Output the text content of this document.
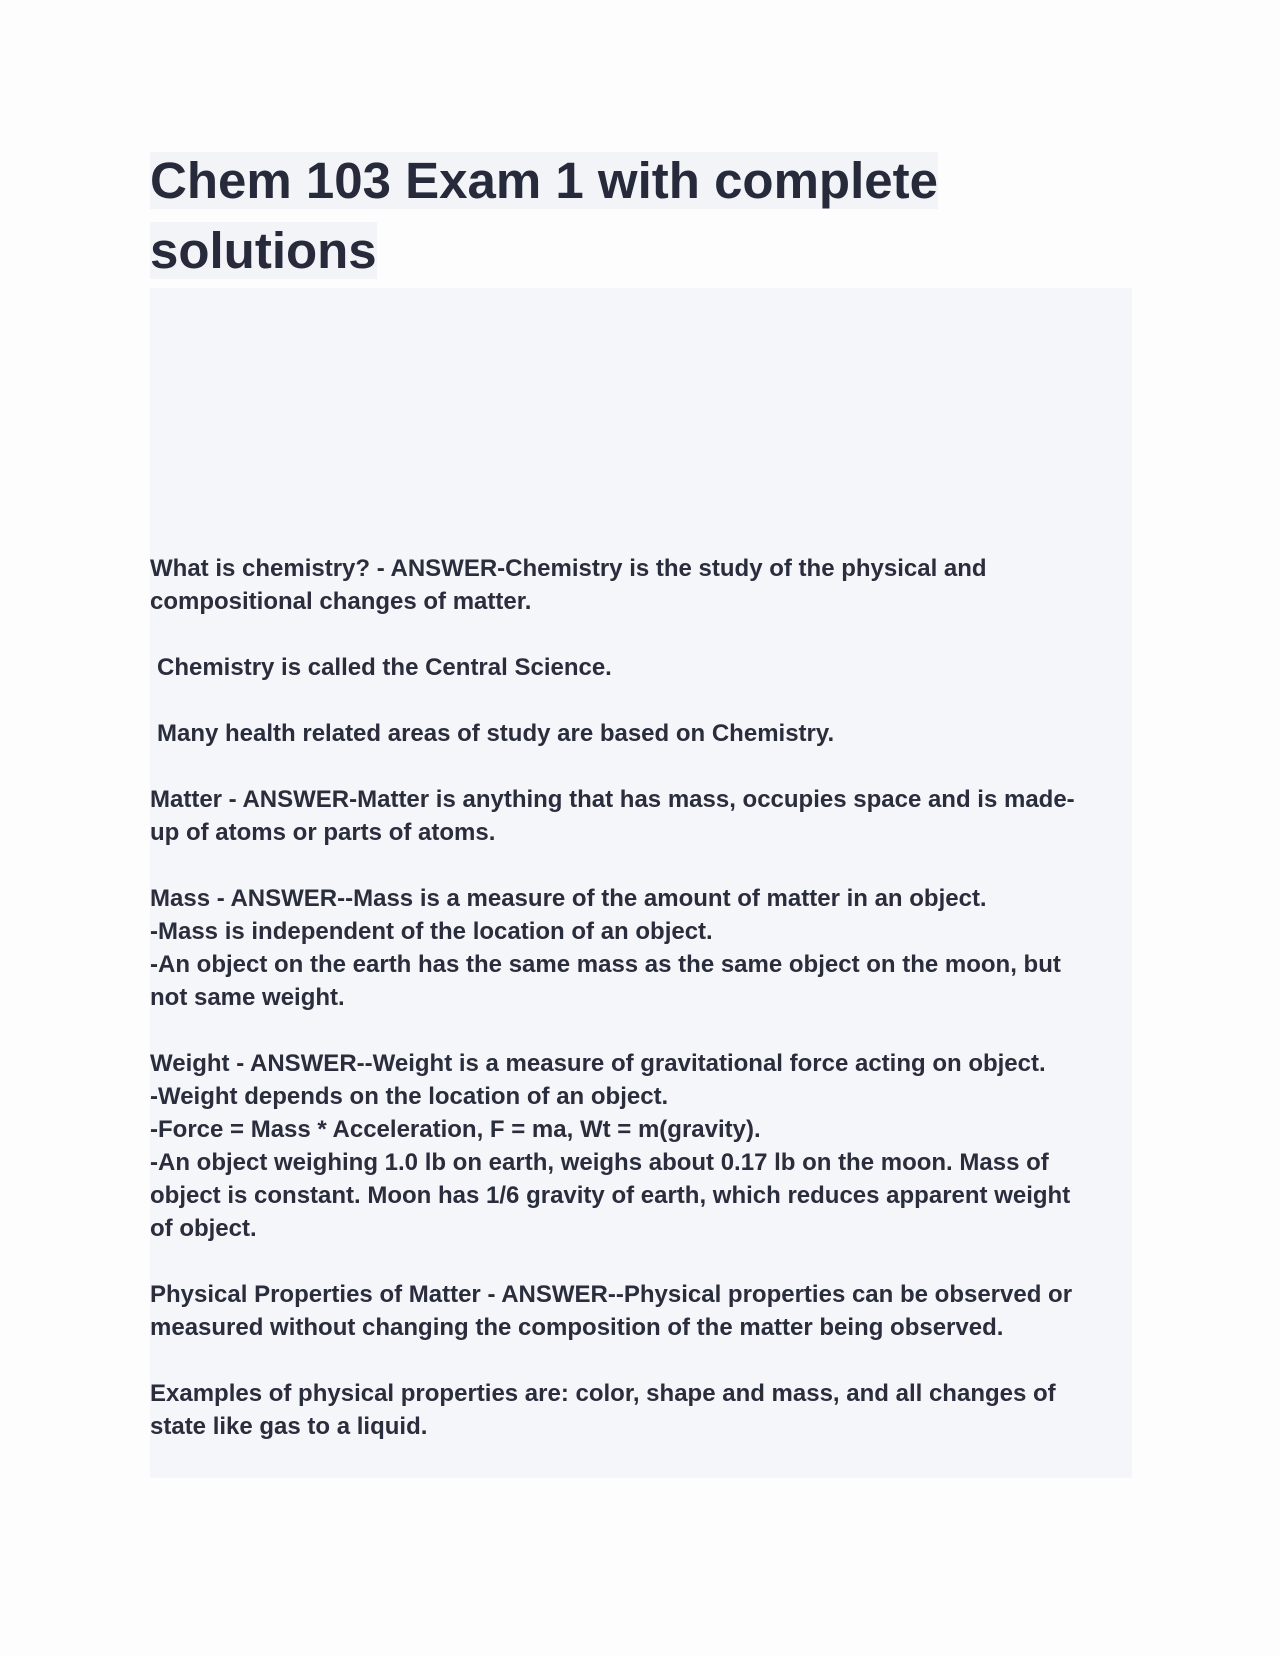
Chem 103 Exam 1 with complete solutions

What is chemistry? - ANSWER-Chemistry is the study of the physical and
compositional changes of matter.

Chemistry is called the Central Science.

Many health related areas of study are based on Chemistry.

Matter - ANSWER-Matter is anything that has mass, occupies space and is made-
up of atoms or parts of atoms.

Mass - ANSWER--Mass is a measure of the amount of matter in an object.
-Mass is independent of the location of an object.
-An object on the earth has the same mass as the same object on the moon, but
not same weight.

Weight - ANSWER--Weight is a measure of gravitational force acting on object.
-Weight depends on the location of an object.
-Force = Mass * Acceleration, F = ma, Wt = m(gravity).
-An object weighing 1.0 lb on earth, weighs about 0.17 lb on the moon. Mass of
object is constant. Moon has 1/6 gravity of earth, which reduces apparent weight
of object.

Physical Properties of Matter - ANSWER--Physical properties can be observed or
measured without changing the composition of the matter being observed.

Examples of physical properties are: color, shape and mass, and all changes of
state like gas to a liquid.
